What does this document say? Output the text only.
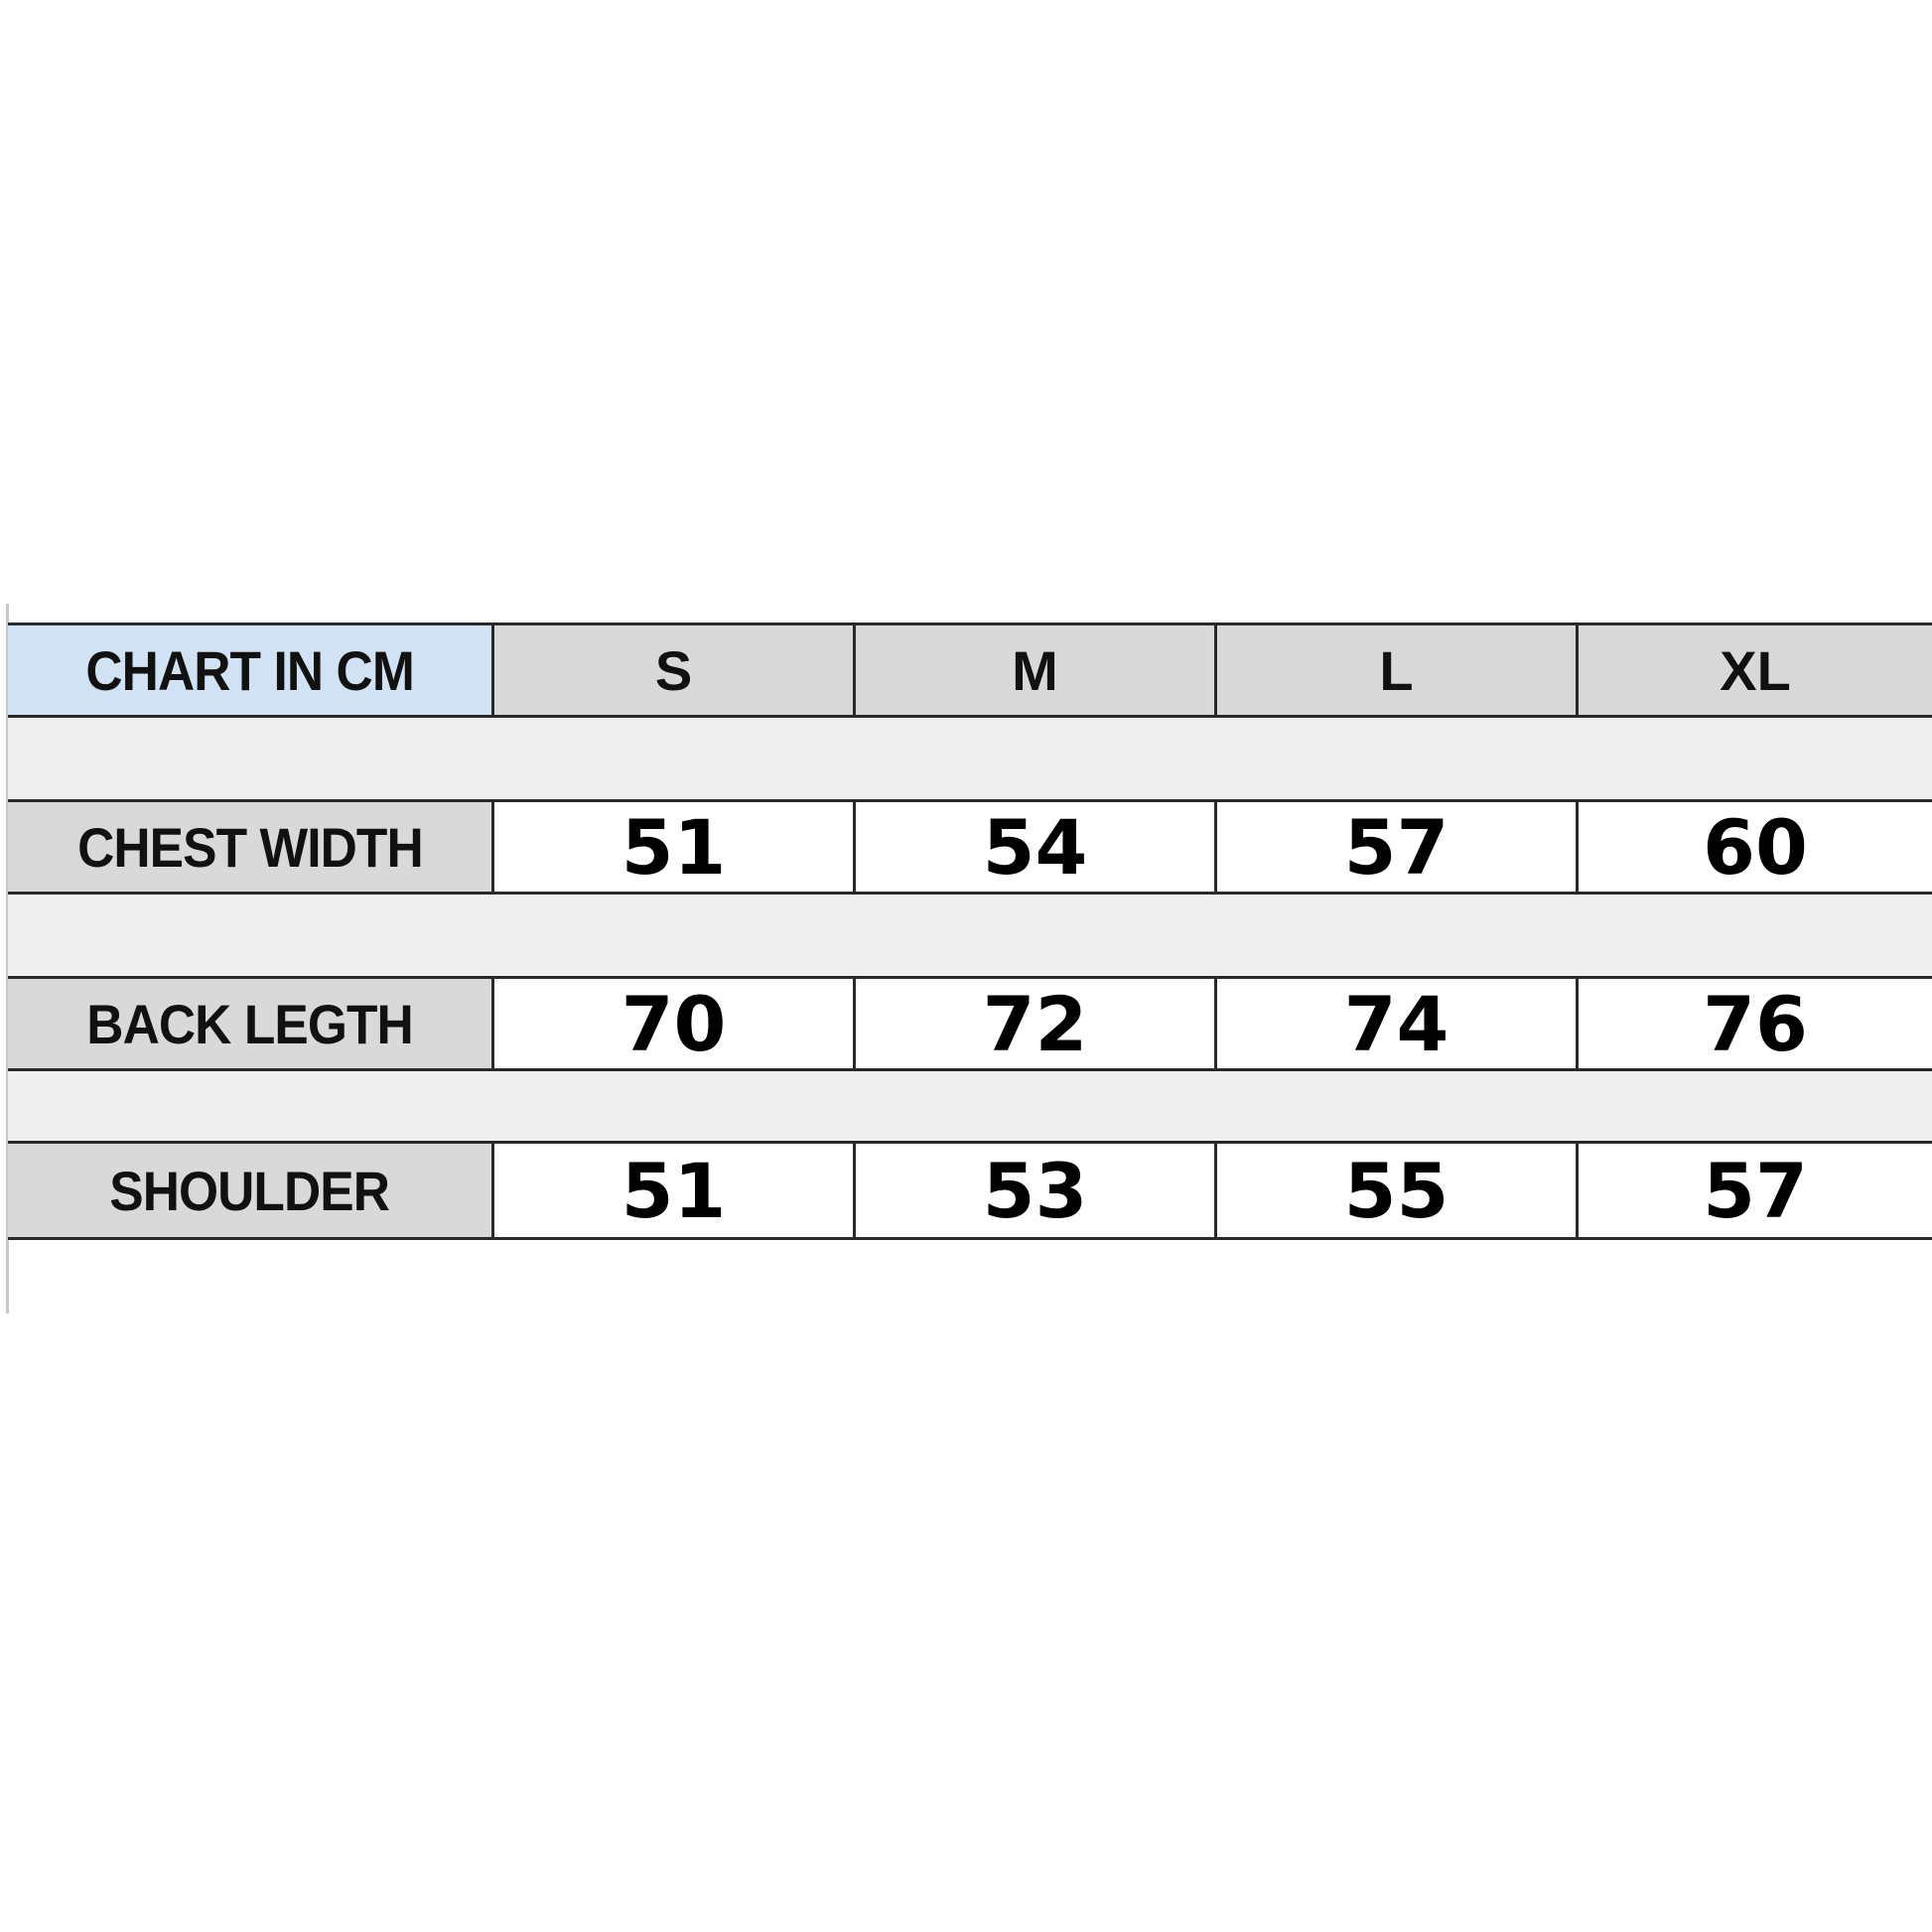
CHART IN CM	S	M	L	XL
CHEST WIDTH	51	54	57	60
BACK LEGTH	70	72	74	76
SHOULDER	51	53	55	57
